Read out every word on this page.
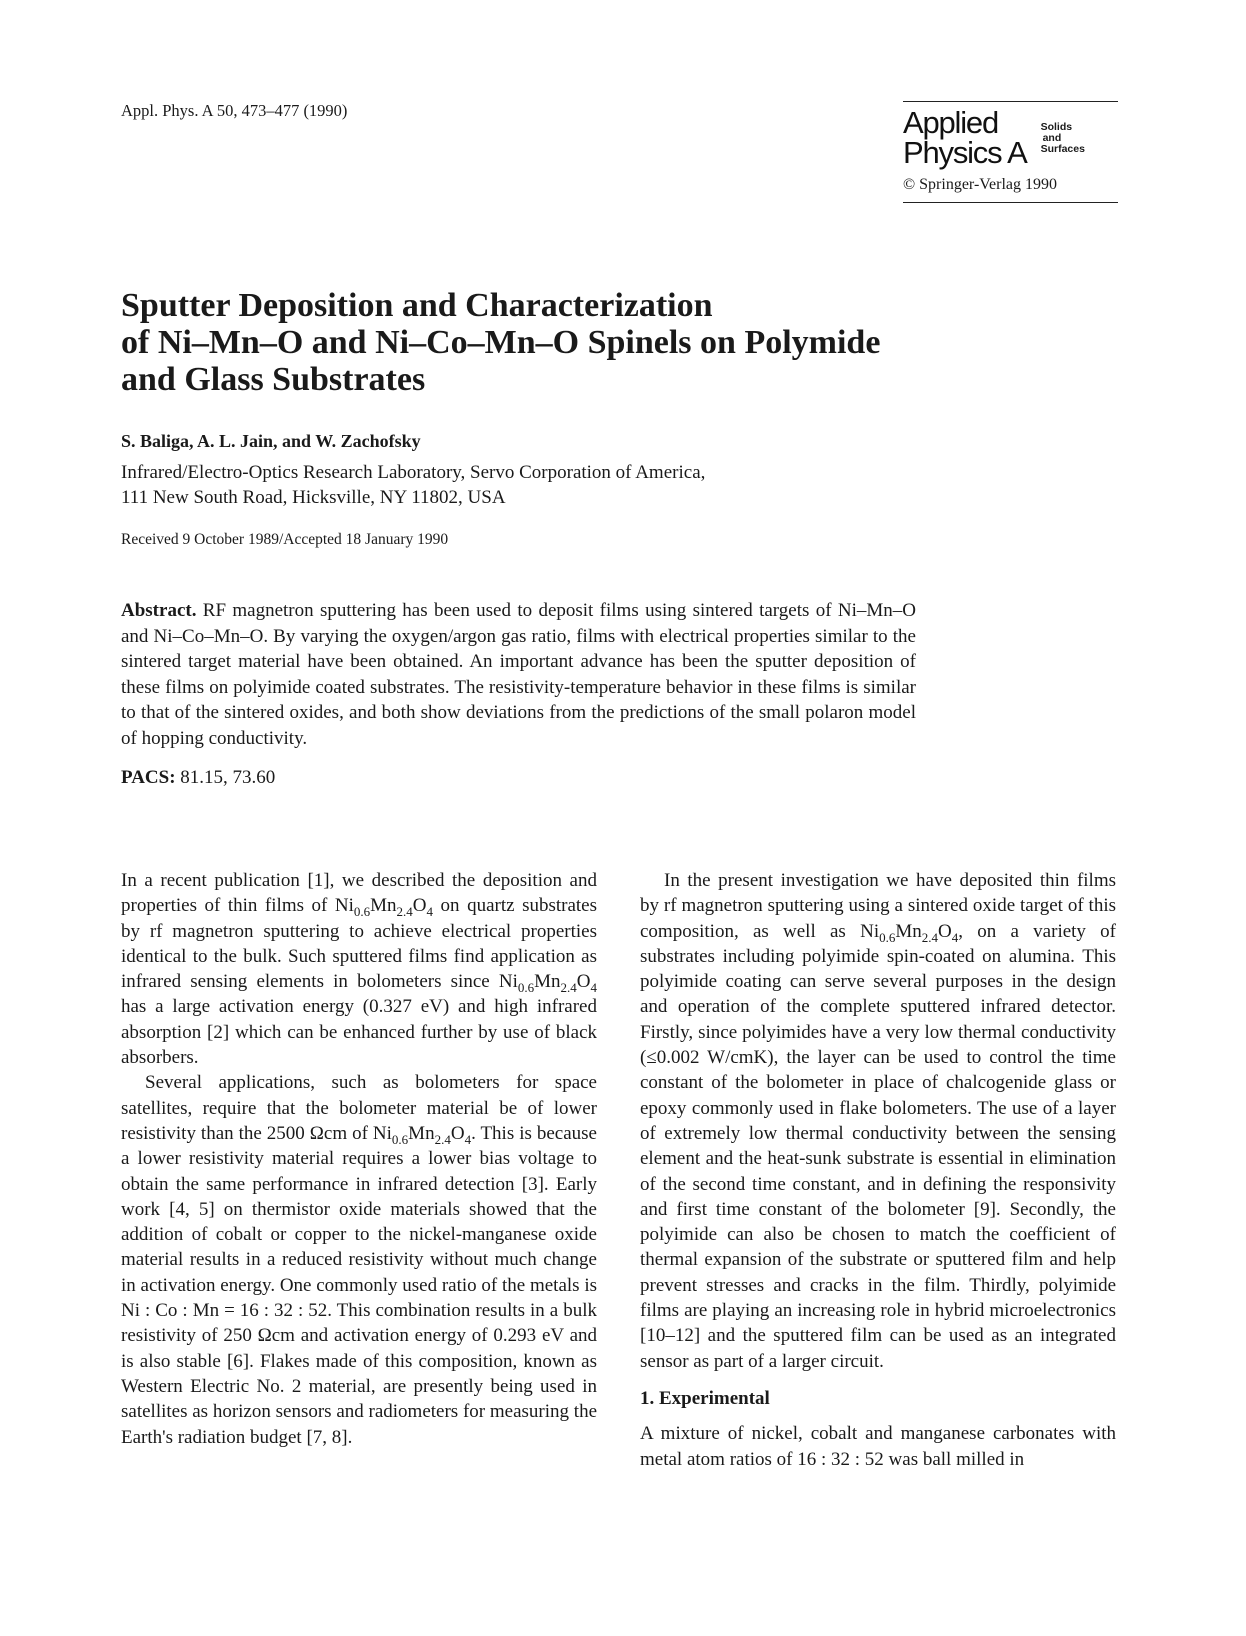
Appl. Phys. A 50, 473–477 (1990)	Applied
Physics A
Solids
and
Surfaces
© Springer-Verlag 1990
Sputter Deposition and Characterization
of Ni–Mn–O and Ni–Co–Mn–O Spinels on Polymide
and Glass Substrates
S. Baliga, A. L. Jain, and W. Zachofsky
Infrared/Electro-Optics Research Laboratory, Servo Corporation of America,
111 New South Road, Hicksville, NY 11802, USA
Received 9 October 1989/Accepted 18 January 1990

Abstract. RF magnetron sputtering has been used to deposit films using sintered targets of Ni–Mn–O and Ni–Co–Mn–O. By varying the oxygen/argon gas ratio, films with electrical properties similar to the sintered target material have been obtained. An important advance has been the sputter deposition of these films on polyimide coated substrates. The resistivity-temperature behavior in these films is similar to that of the sintered oxides, and both show deviations from the predictions of the small polaron model of hopping conductivity.

PACS: 81.15, 73.60

In a recent publication [1], we described the deposition and properties of thin films of $Ni_{0.6}Mn_{2.4}O_4$ on quartz substrates by rf magnetron sputtering to achieve electrical properties identical to the bulk. Such sputtered films find application as infrared sensing elements in bolometers since $Ni_{0.6}Mn_{2.4}O_4$ has a large activation energy (0.327 eV) and high infrared absorption [2] which can be enhanced further by use of black absorbers.

Several applications, such as bolometers for space satellites, require that the bolometer material be of lower resistivity than the 2500 Ωcm of $Ni_{0.6}Mn_{2.4}O_4$. This is because a lower resistivity material requires a lower bias voltage to obtain the same performance in infrared detection [3]. Early work [4, 5] on thermistor oxide materials showed that the addition of cobalt or copper to the nickel-manganese oxide material results in a reduced resistivity without much change in activation energy. One commonly used ratio of the metals is Ni : Co : Mn = 16 : 32 : 52. This combination results in a bulk resistivity of 250 Ωcm and activation energy of 0.293 eV and is also stable [6]. Flakes made of this composition, known as Western Electric No. 2 material, are presently being used in satellites as horizon sensors and radiometers for measuring the Earth's radiation budget [7, 8].

In the present investigation we have deposited thin films by rf magnetron sputtering using a sintered oxide target of this composition, as well as $Ni_{0.6}Mn_{2.4}O_4$, on a variety of substrates including polyimide spin-coated on alumina. This polyimide coating can serve several purposes in the design and operation of the complete sputtered infrared detector. Firstly, since polyimides have a very low thermal conductivity (≤0.002 W/cmK), the layer can be used to control the time constant of the bolometer in place of chalcogenide glass or epoxy commonly used in flake bolometers. The use of a layer of extremely low thermal conductivity between the sensing element and the heat-sunk substrate is essential in elimination of the second time constant, and in defining the responsivity and first time constant of the bolometer [9]. Secondly, the polyimide can also be chosen to match the coefficient of thermal expansion of the substrate or sputtered film and help prevent stresses and cracks in the film. Thirdly, polyimide films are playing an increasing role in hybrid microelectronics [10–12] and the sputtered film can be used as an integrated sensor as part of a larger circuit.

1. Experimental

A mixture of nickel, cobalt and manganese carbonates with metal atom ratios of 16 : 32 : 52 was ball milled in
